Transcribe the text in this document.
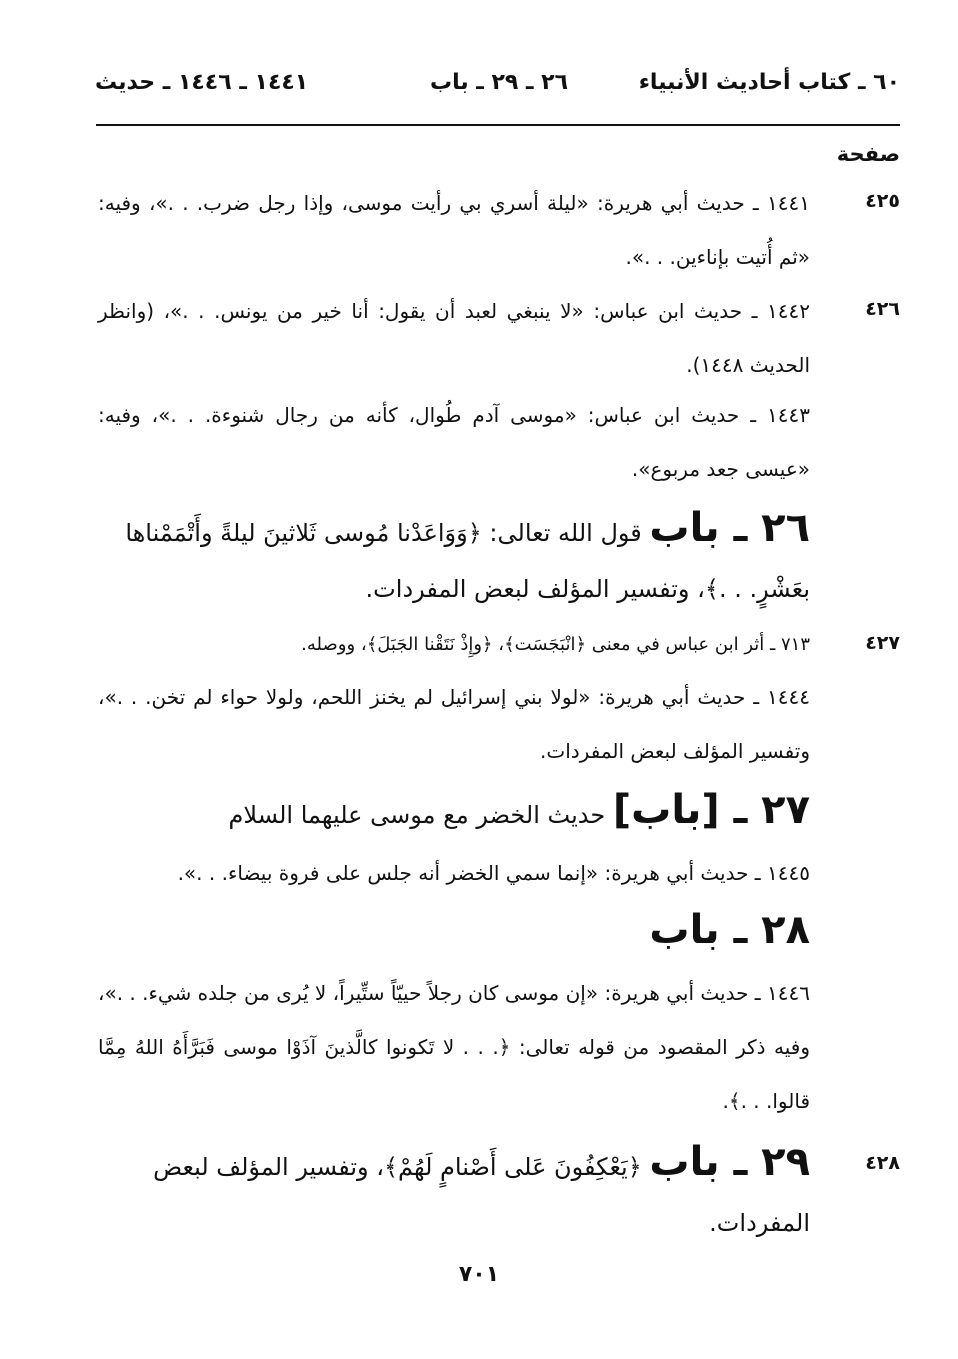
٦٠ ـ كتاب أحاديث الأنبياء
٢٦ ـ ٢٩ ـ باب
١٤٤١ ـ ١٤٤٦ ـ حديث
صفحة
٤٢٥
١٤٤١ ـ حديث أبي هريرة: «ليلة أسري بي رأيت موسى، وإذا رجل ضرب. . .»، وفيه: «ثم أُتيت بإناءين. . .».
٤٢٦
١٤٤٢ ـ حديث ابن عباس: «لا ينبغي لعبد أن يقول: أنا خير من يونس. . .»، (وانظر الحديث ١٤٤٨).
١٤٤٣ ـ حديث ابن عباس: «موسى آدم طُوال، كأنه من رجال شنوءة. . .»، وفيه: «عيسى جعد مربوع».
٢٦ ـ باب قول الله تعالى: ﴿وَوَاعَدْنا مُوسى ثَلاثينَ ليلةً وأَتْمَمْناها بعَشْرٍ. . .﴾، وتفسير المؤلف لبعض المفردات.
٤٢٧
٧١٣ ـ أثر ابن عباس في معنى ﴿انْبَجَسَت﴾، ﴿وإِذْ نَتَقْنا الجَبَلَ﴾، ووصله.
١٤٤٤ ـ حديث أبي هريرة: «لولا بني إسرائيل لم يخنز اللحم، ولولا حواء لم تخن. . .»، وتفسير المؤلف لبعض المفردات.
٢٧ ـ [باب] حديث الخضر مع موسى عليهما السلام
١٤٤٥ ـ حديث أبي هريرة: «إنما سمي الخضر أنه جلس على فروة بيضاء. . .».
٢٨ ـ باب
١٤٤٦ ـ حديث أبي هريرة: «إن موسى كان رجلاً حييّاً ستِّيراً، لا يُرى من جلده شيء. . .»، وفيه ذكر المقصود من قوله تعالى: ﴿. . . لا تَكونوا كالَّذينَ آذَوْا موسى فَبَرَّأَهُ اللهُ مِمَّا قالوا. . .﴾.
٤٢٨
٢٩ ـ باب ﴿يَعْكِفُونَ عَلى أَصْنامٍ لَهُمْ﴾، وتفسير المؤلف لبعض المفردات.
٧٠١
